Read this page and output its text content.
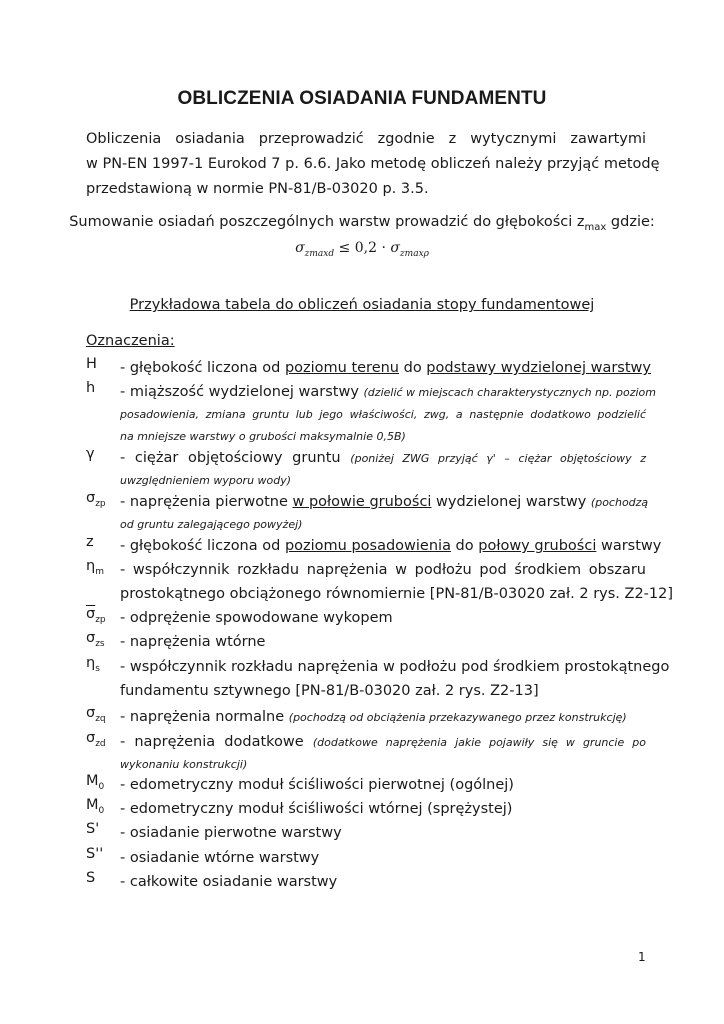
OBLICZENIA OSIADANIA FUNDAMENTU
Obliczenia osiadania przeprowadzić zgodnie z wytycznymi zawartymi
w PN-EN 1997-1 Eurokod 7 p. 6.6. Jako metodę obliczeń należy przyjąć metodę
przedstawioną w normie PN-81/B-03020 p. 3.5.
Sumowanie osiadań poszczególnych warstw prowadzić do głębokości $z_{max}$ gdzie:
$\sigma_{zmaxd} \le 0,2 \cdot \sigma_{zmax\rho}$
Przykładowa tabela do obliczeń osiadania stopy fundamentowej
Oznaczenia:
H	- głębokość liczona od poziomu terenu do podstawy wydzielonej warstwy
h	- miąższość wydzielonej warstwy (dzielić w miejscach charakterystycznych np. poziom
posadowienia, zmiana gruntu lub jego właściwości, zwg, a następnie dodatkowo podzielić
na mniejsze warstwy o grubości maksymalnie 0,5B)
γ	- ciężar objętościowy gruntu (poniżej ZWG przyjąć γ' – ciężar objętościowy z
uwzględnieniem wyporu wody)
$\sigma_{zp}$ - naprężenia pierwotne w połowie grubości wydzielonej warstwy (pochodzą
od gruntu zalegającego powyżej)
z	- głębokość liczona od poziomu posadowienia do połowy grubości warstwy
$\eta_m$	- współczynnik rozkładu naprężenia w podłożu pod środkiem obszaru
prostokątnego obciążonego równomiernie [PN-81/B-03020 zał. 2 rys. Z2-12]
$\overline{\sigma}_{zp}$ - odprężenie spowodowane wykopem
$\sigma_{zs}$	- naprężenia wtórne
$\eta_s$	- współczynnik rozkładu naprężenia w podłożu pod środkiem prostokątnego
fundamentu sztywnego [PN-81/B-03020 zał. 2 rys. Z2-13]
$\sigma_{zq}$ - naprężenia normalne (pochodzą od obciążenia przekazywanego przez konstrukcję)
$\sigma_{zd}$ - naprężenia dodatkowe (dodatkowe naprężenia jakie pojawiły się w gruncie po
wykonaniu konstrukcji)
$M_0$	- edometryczny moduł ściśliwości pierwotnej (ogólnej)
$M_0$	- edometryczny moduł ściśliwości wtórnej (sprężystej)
S'	- osiadanie pierwotne warstwy
S''	- osiadanie wtórne warstwy
S	- całkowite osiadanie warstwy
1
